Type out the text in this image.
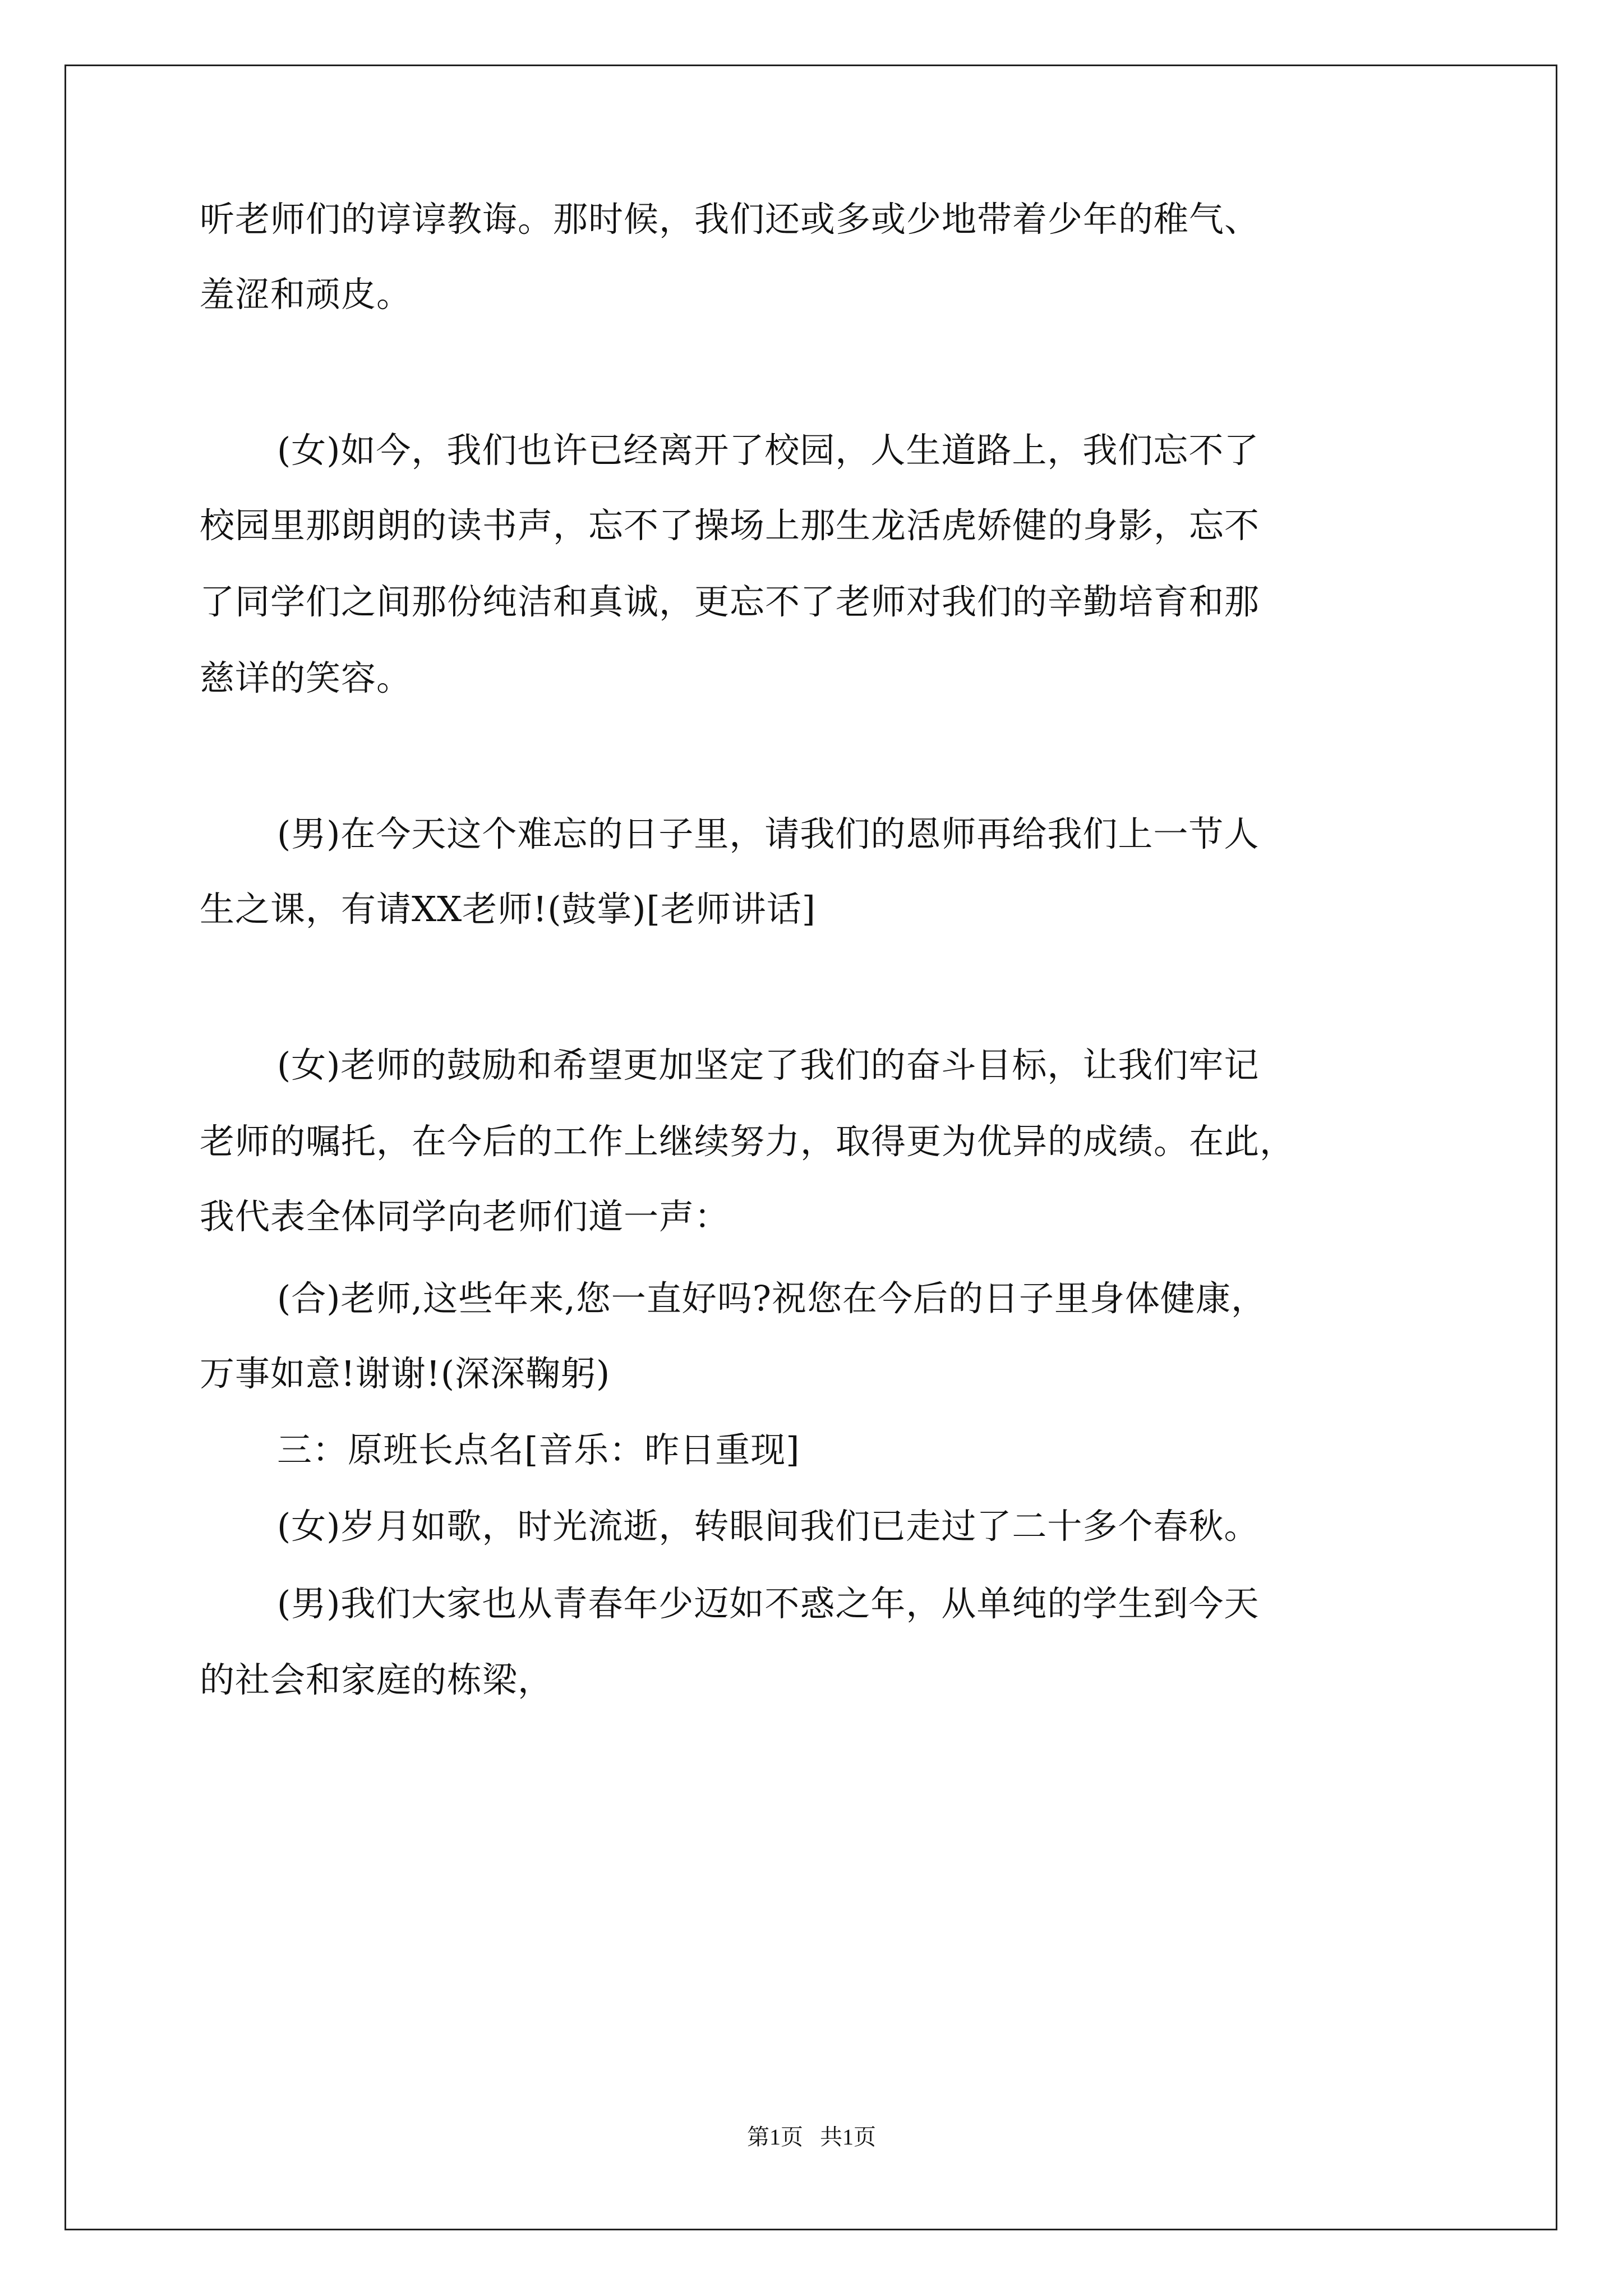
听老师们的谆谆教诲。那时候，我们还或多或少地带着少年的稚气、
羞涩和顽皮。
(女)如今，我们也许已经离开了校园，人生道路上，我们忘不了
校园里那朗朗的读书声，忘不了操场上那生龙活虎娇健的身影，忘不
了同学们之间那份纯洁和真诚，更忘不了老师对我们的辛勤培育和那
慈详的笑容。
(男)在今天这个难忘的日子里，请我们的恩师再给我们上一节人
生之课，有请XX老师!(鼓掌)[老师讲话]
(女)老师的鼓励和希望更加坚定了我们的奋斗目标，让我们牢记
老师的嘱托，在今后的工作上继续努力，取得更为优异的成绩。在此，
我代表全体同学向老师们道一声：
(合)老师,这些年来,您一直好吗?祝您在今后的日子里身体健康，
万事如意!谢谢!(深深鞠躬)
三：原班长点名[音乐：昨日重现]
(女)岁月如歌，时光流逝，转眼间我们已走过了二十多个春秋。
(男)我们大家也从青春年少迈如不惑之年，从单纯的学生到今天
的社会和家庭的栋梁，
第1页   共1页
